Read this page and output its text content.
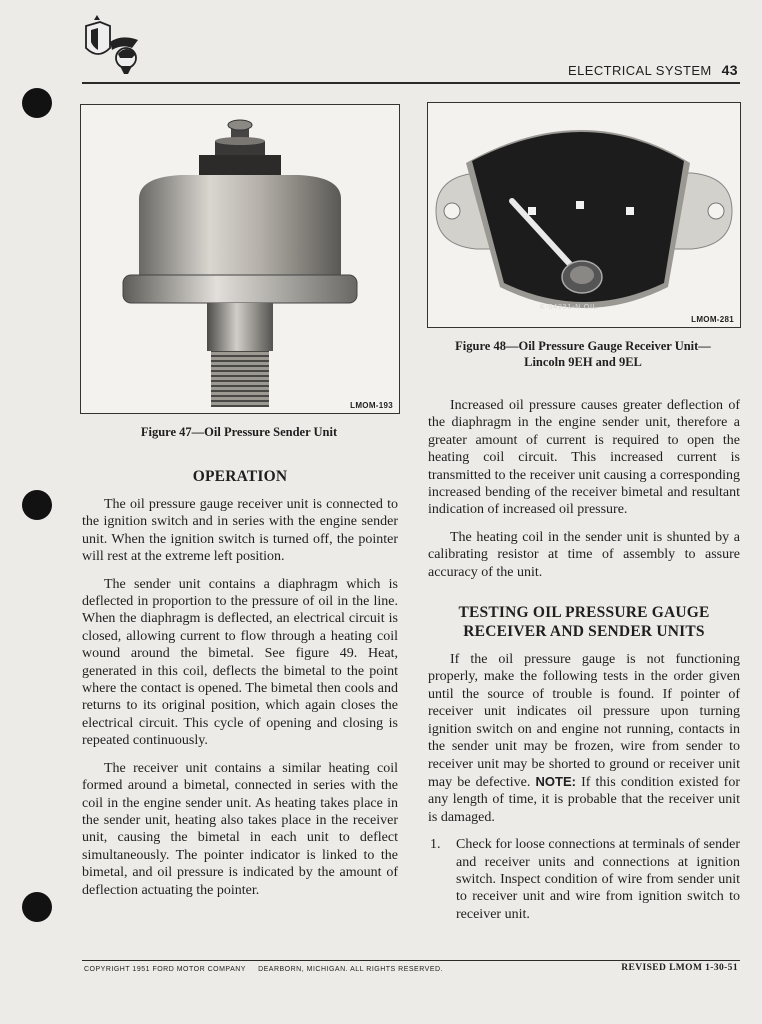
ELECTRICAL SYSTEM 43
LMOM-193
Figure 47—Oil Pressure Sender Unit
K-54231-N OIL
LMOM-281
Figure 48—Oil Pressure Gauge Receiver Unit—
Lincoln 9EH and 9EL
OPERATION

The oil pressure gauge receiver unit is connected to the ignition switch and in series with the engine sender unit. When the ignition switch is turned off, the pointer will rest at the extreme left position.

The sender unit contains a diaphragm which is deflected in proportion to the pressure of oil in the line. When the diaphragm is deflected, an electrical circuit is closed, allowing current to flow through a heating coil wound around the bimetal. See figure 49. Heat, generated in this coil, deflects the bimetal to the point where the contact is opened. The bimetal then cools and returns to its original position, which again closes the electrical circuit. This cycle of opening and closing is repeated continuously.

The receiver unit contains a similar heating coil formed around a bimetal, connected in series with the coil in the engine sender unit. As heating takes place in the sender unit, heating also takes place in the receiver unit, causing the bimetal in each unit to deflect simultaneously. The pointer indicator is linked to the bimetal, and oil pressure is indicated by the amount of deflection actuating the pointer.

Increased oil pressure causes greater deflection of the diaphragm in the engine sender unit, therefore a greater amount of current is required to open the heating coil circuit. This increased current is transmitted to the receiver unit causing a corresponding increased bending of the receiver bimetal and resultant indication of increased oil pressure.

The heating coil in the sender unit is shunted by a calibrating resistor at time of assembly to assure accuracy of the unit.

TESTING OIL PRESSURE GAUGE
RECEIVER AND SENDER UNITS

If the oil pressure gauge is not functioning properly, make the following tests in the order given until the source of trouble is found. If pointer of receiver unit indicates oil pressure upon turning ignition switch on and engine not running, contacts in the sender unit may be frozen, wire from sender to receiver unit may be shorted to ground or receiver unit may be defective. NOTE: If this condition existed for any length of time, it is probable that the receiver unit is damaged.

1. Check for loose connections at terminals of sender and receiver units and connections at ignition switch. Inspect condition of wire from sender unit to receiver unit and wire from ignition switch to receiver unit.
COPYRIGHT 1951 FORD MOTOR COMPANY     DEARBORN, MICHIGAN. ALL RIGHTS RESERVED.	REVISED LMOM 1-30-51
